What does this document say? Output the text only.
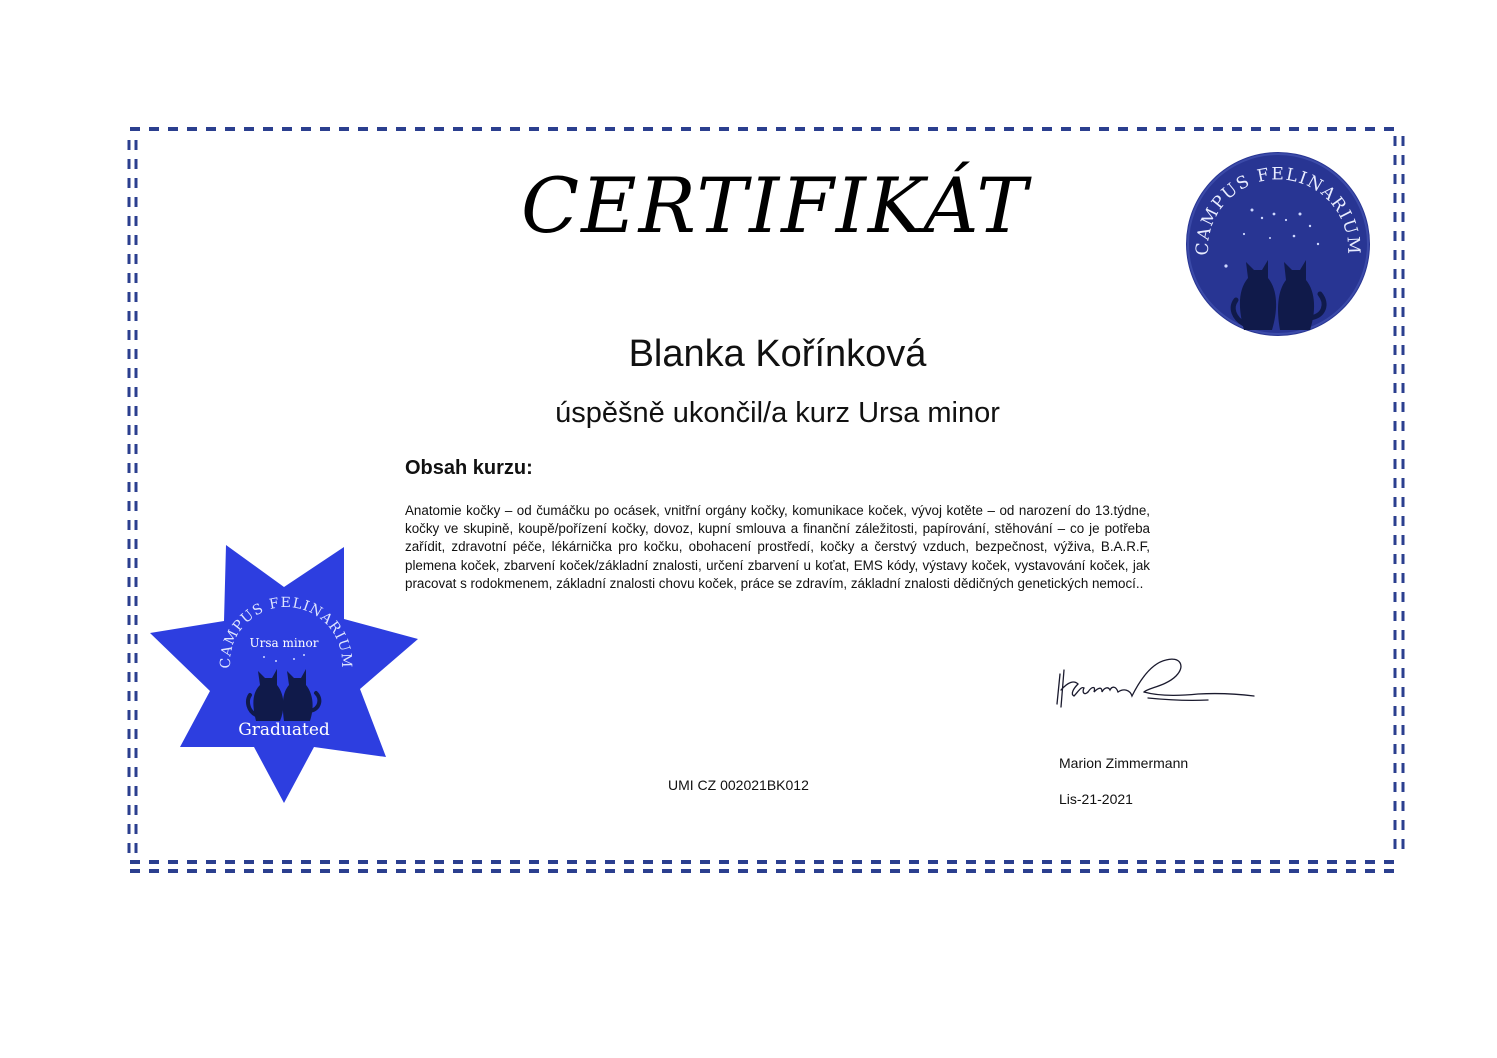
CERTIFIKÁT
Blanka Kořínková
úspěšně ukončil/a kurz Ursa minor
Obsah kurzu:
Anatomie kočky – od čumáčku po ocásek, vnitřní orgány kočky, komunikace koček, vývoj kotěte – od narození do 13.týdne, kočky ve skupině, koupě/pořízení kočky, dovoz, kupní smlouva a finanční záležitosti, papírování, stěhování – co je potřeba zařídit, zdravotní péče, lékárnička pro kočku, obohacení prostředí, kočky a čerstvý vzduch, bezpečnost, výživa, B.A.R.F, plemena koček, zbarvení koček/základní znalosti, určení zbarvení u koťat, EMS kódy, výstavy koček, vystavování koček, jak pracovat s rodokmenem, základní znalosti chovu koček, práce se zdravím, základní znalosti dědičných genetických nemocí..
UMI CZ 002021BK012
Marion Zimmermann
Lis-21-2021
CAMPUS FELINARIUM
CAMPUS FELINARIUM
Ursa minor
Graduated
